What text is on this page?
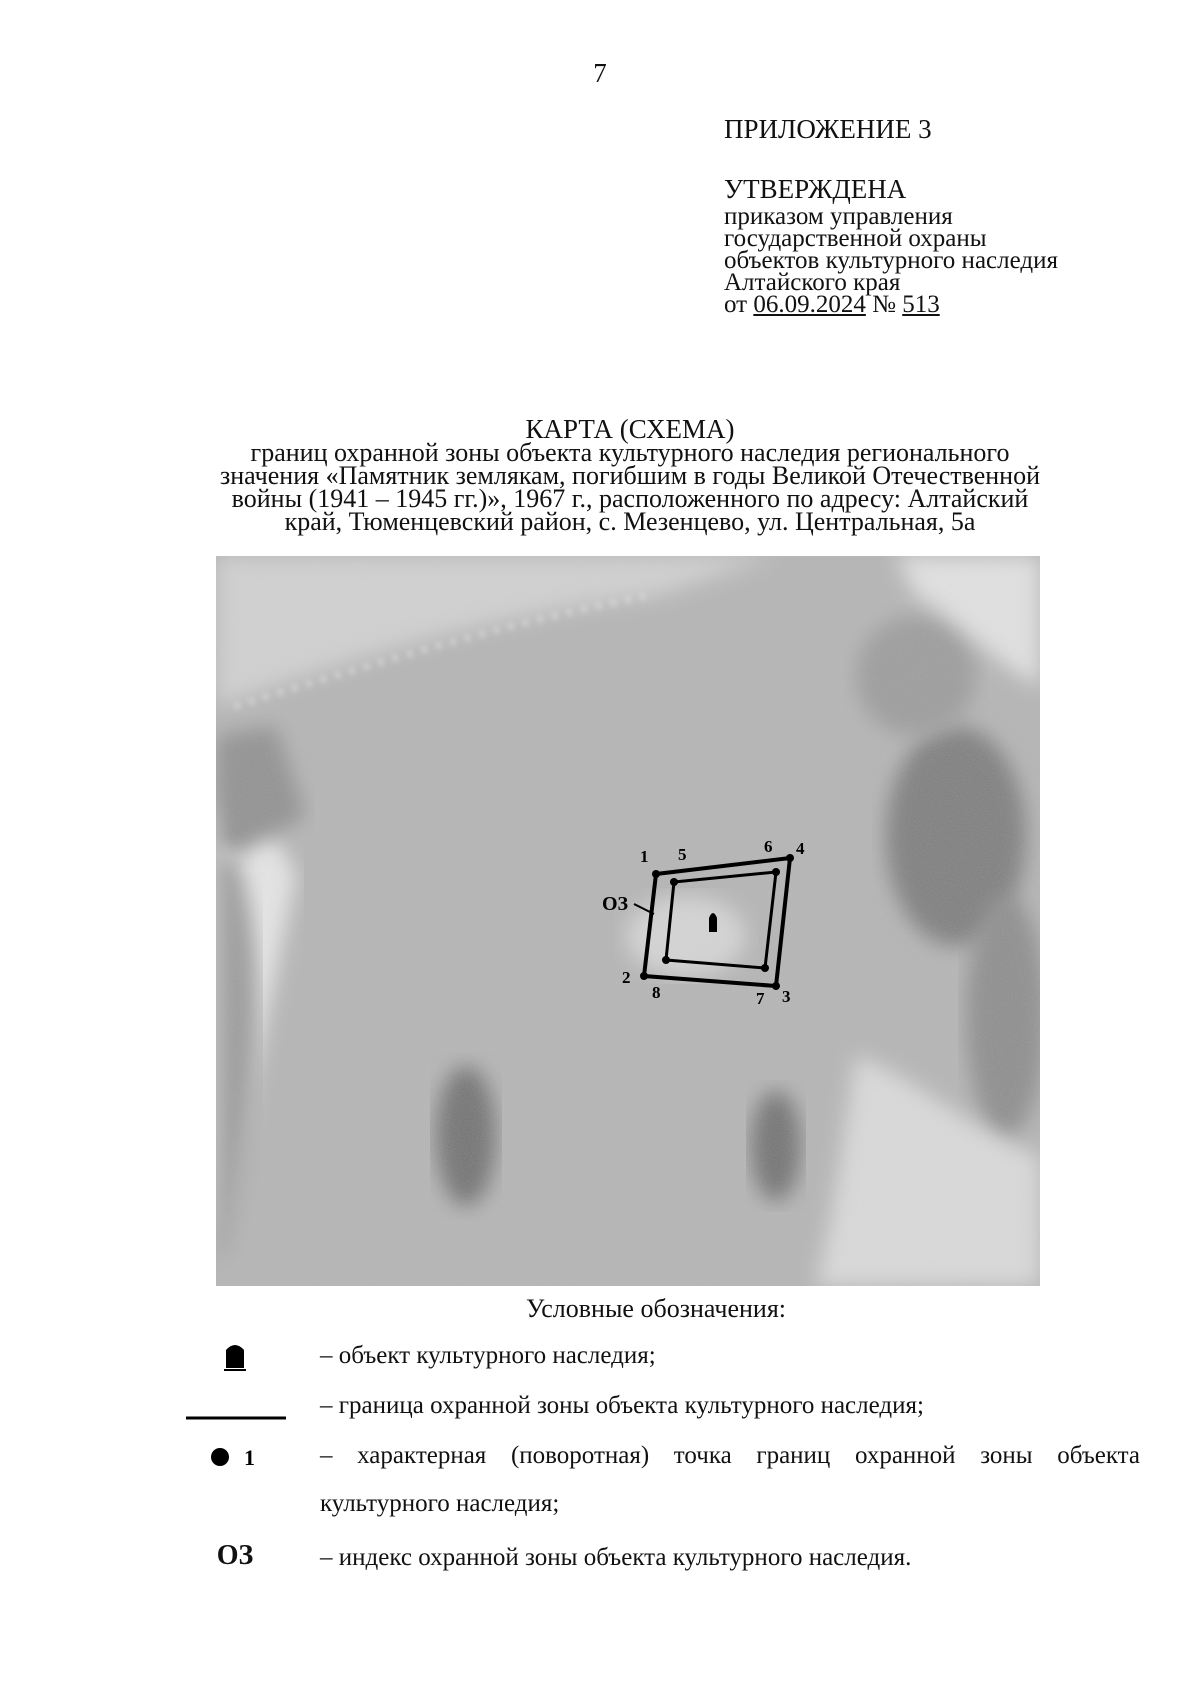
7
ПРИЛОЖЕНИЕ 3
УТВЕРЖДЕНА
приказом управления
государственной охраны
объектов культурного наследия
Алтайского края
от 06.09.2024 № 513
КАРТА (СХЕМА)
границ охранной зоны объекта культурного наследия регионального
значения «Памятник землякам, погибшим в годы Великой Отечественной
войны (1941 – 1945 гг.)», 1967 г., расположенного по адресу: Алтайский
край, Тюменцевский район, с. Мезенцево, ул. Центральная, 5а
1
2
3
4
5	6
7
8
ОЗ
Условные обозначения:
– объект культурного наследия;
– граница охранной зоны объекта культурного наследия;
1	– характерная (поворотная) точка границ охранной зоны объекта культурного наследия;
ОЗ	– индекс охранной зоны объекта культурного наследия.
